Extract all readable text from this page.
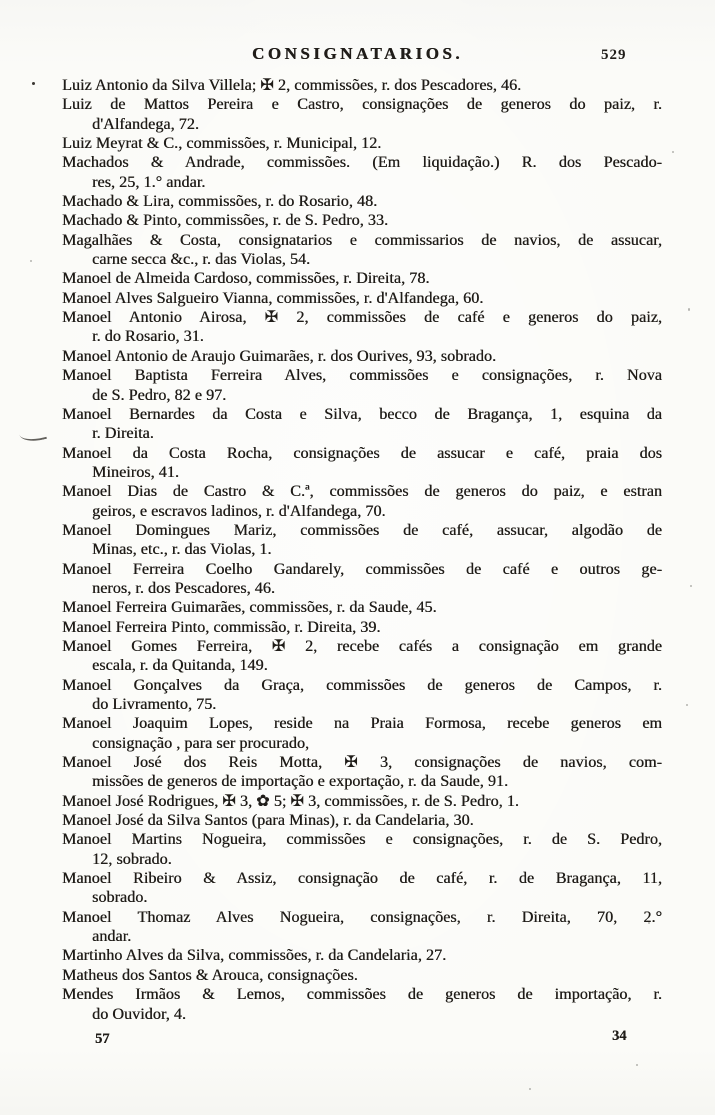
CONSIGNATARIOS.	529
Luiz Antonio da Silva Villela; ✠ 2, commissões, r. dos Pescadores, 46.
Luiz de Mattos Pereira e Castro, consignações de generos do paiz, r.
d'Alfandega, 72.
Luiz Meyrat & C., commissões, r. Municipal, 12.
Machados & Andrade, commissões. (Em liquidação.) R. dos Pescado-
res, 25, 1.° andar.
Machado & Lira, commissões, r. do Rosario, 48.
Machado & Pinto, commissões, r. de S. Pedro, 33.
Magalhães & Costa, consignatarios e commissarios de navios, de assucar,
carne secca &c., r. das Violas, 54.
Manoel de Almeida Cardoso, commissões, r. Direita, 78.
Manoel Alves Salgueiro Vianna, commissões, r. d'Alfandega, 60.
Manoel Antonio Airosa, ✠ 2, commissões de café e generos do paiz,
r. do Rosario, 31.
Manoel Antonio de Araujo Guimarães, r. dos Ourives, 93, sobrado.
Manoel Baptista Ferreira Alves, commissões e consignações, r. Nova
de S. Pedro, 82 e 97.
Manoel Bernardes da Costa e Silva, becco de Bragança, 1, esquina da
r. Direita.
Manoel da Costa Rocha, consignações de assucar e café, praia dos
Mineiros, 41.
Manoel Dias de Castro & C.ª, commissões de generos do paiz, e estran
geiros, e escravos ladinos, r. d'Alfandega, 70.
Manoel Domingues Mariz, commissões de café, assucar, algodão de
Minas, etc., r. das Violas, 1.
Manoel Ferreira Coelho Gandarely, commissões de café e outros ge-
neros, r. dos Pescadores, 46.
Manoel Ferreira Guimarães, commissões, r. da Saude, 45.
Manoel Ferreira Pinto, commissão, r. Direita, 39.
Manoel Gomes Ferreira, ✠ 2, recebe cafés a consignação em grande
escala, r. da Quitanda, 149.
Manoel Gonçalves da Graça, commissões de generos de Campos, r.
do Livramento, 75.
Manoel Joaquim Lopes, reside na Praia Formosa, recebe generos em
consignação , para ser procurado,
Manoel José dos Reis Motta, ✠ 3, consignações de navios, com-
missões de generos de importação e exportação, r. da Saude, 91.
Manoel José Rodrigues, ✠ 3, ✿ 5; ✠ 3, commissões, r. de S. Pedro, 1.
Manoel José da Silva Santos (para Minas), r. da Candelaria, 30.
Manoel Martins Nogueira, commissões e consignações, r. de S. Pedro,
12, sobrado.
Manoel Ribeiro & Assiz, consignação de café, r. de Bragança, 11,
sobrado.
Manoel Thomaz Alves Nogueira, consignações, r. Direita, 70, 2.°
andar.
Martinho Alves da Silva, commissões, r. da Candelaria, 27.
Matheus dos Santos & Arouca, consignações.
Mendes Irmãos & Lemos, commissões de generos de importação, r.
do Ouvidor, 4.
57	34
